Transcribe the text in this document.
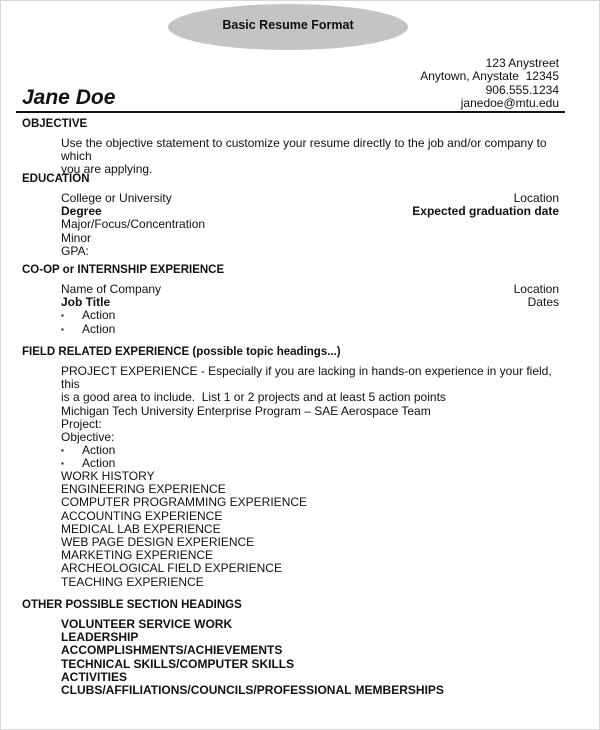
Basic Resume Format
123 Anystreet
Anytown, Anystate  12345
906.555.1234
janedoe@mtu.edu
Jane Doe
OBJECTIVE
Use the objective statement to customize your resume directly to the job and/or company to which
you are applying.
EDUCATION
College or University	Location
Degree	Expected graduation date
Major/Focus/Concentration
Minor
GPA:
CO-OP or INTERNSHIP EXPERIENCE
Name of Company	Location
Job Title	Dates
▪	Action
▪	Action
FIELD RELATED EXPERIENCE (possible topic headings...)
PROJECT EXPERIENCE - Especially if you are lacking in hands-on experience in your field, this
is a good area to include.  List 1 or 2 projects and at least 5 action points
Michigan Tech University Enterprise Program – SAE Aerospace Team
Project:
Objective:
▪	Action
▪	Action
WORK HISTORY
ENGINEERING EXPERIENCE
COMPUTER PROGRAMMING EXPERIENCE
ACCOUNTING EXPERIENCE
MEDICAL LAB EXPERIENCE
WEB PAGE DESIGN EXPERIENCE
MARKETING EXPERIENCE
ARCHEOLOGICAL FIELD EXPERIENCE
TEACHING EXPERIENCE
OTHER POSSIBLE SECTION HEADINGS
VOLUNTEER SERVICE WORK
LEADERSHIP
ACCOMPLISHMENTS/ACHIEVEMENTS
TECHNICAL SKILLS/COMPUTER SKILLS
ACTIVITIES
CLUBS/AFFILIATIONS/COUNCILS/PROFESSIONAL MEMBERSHIPS
